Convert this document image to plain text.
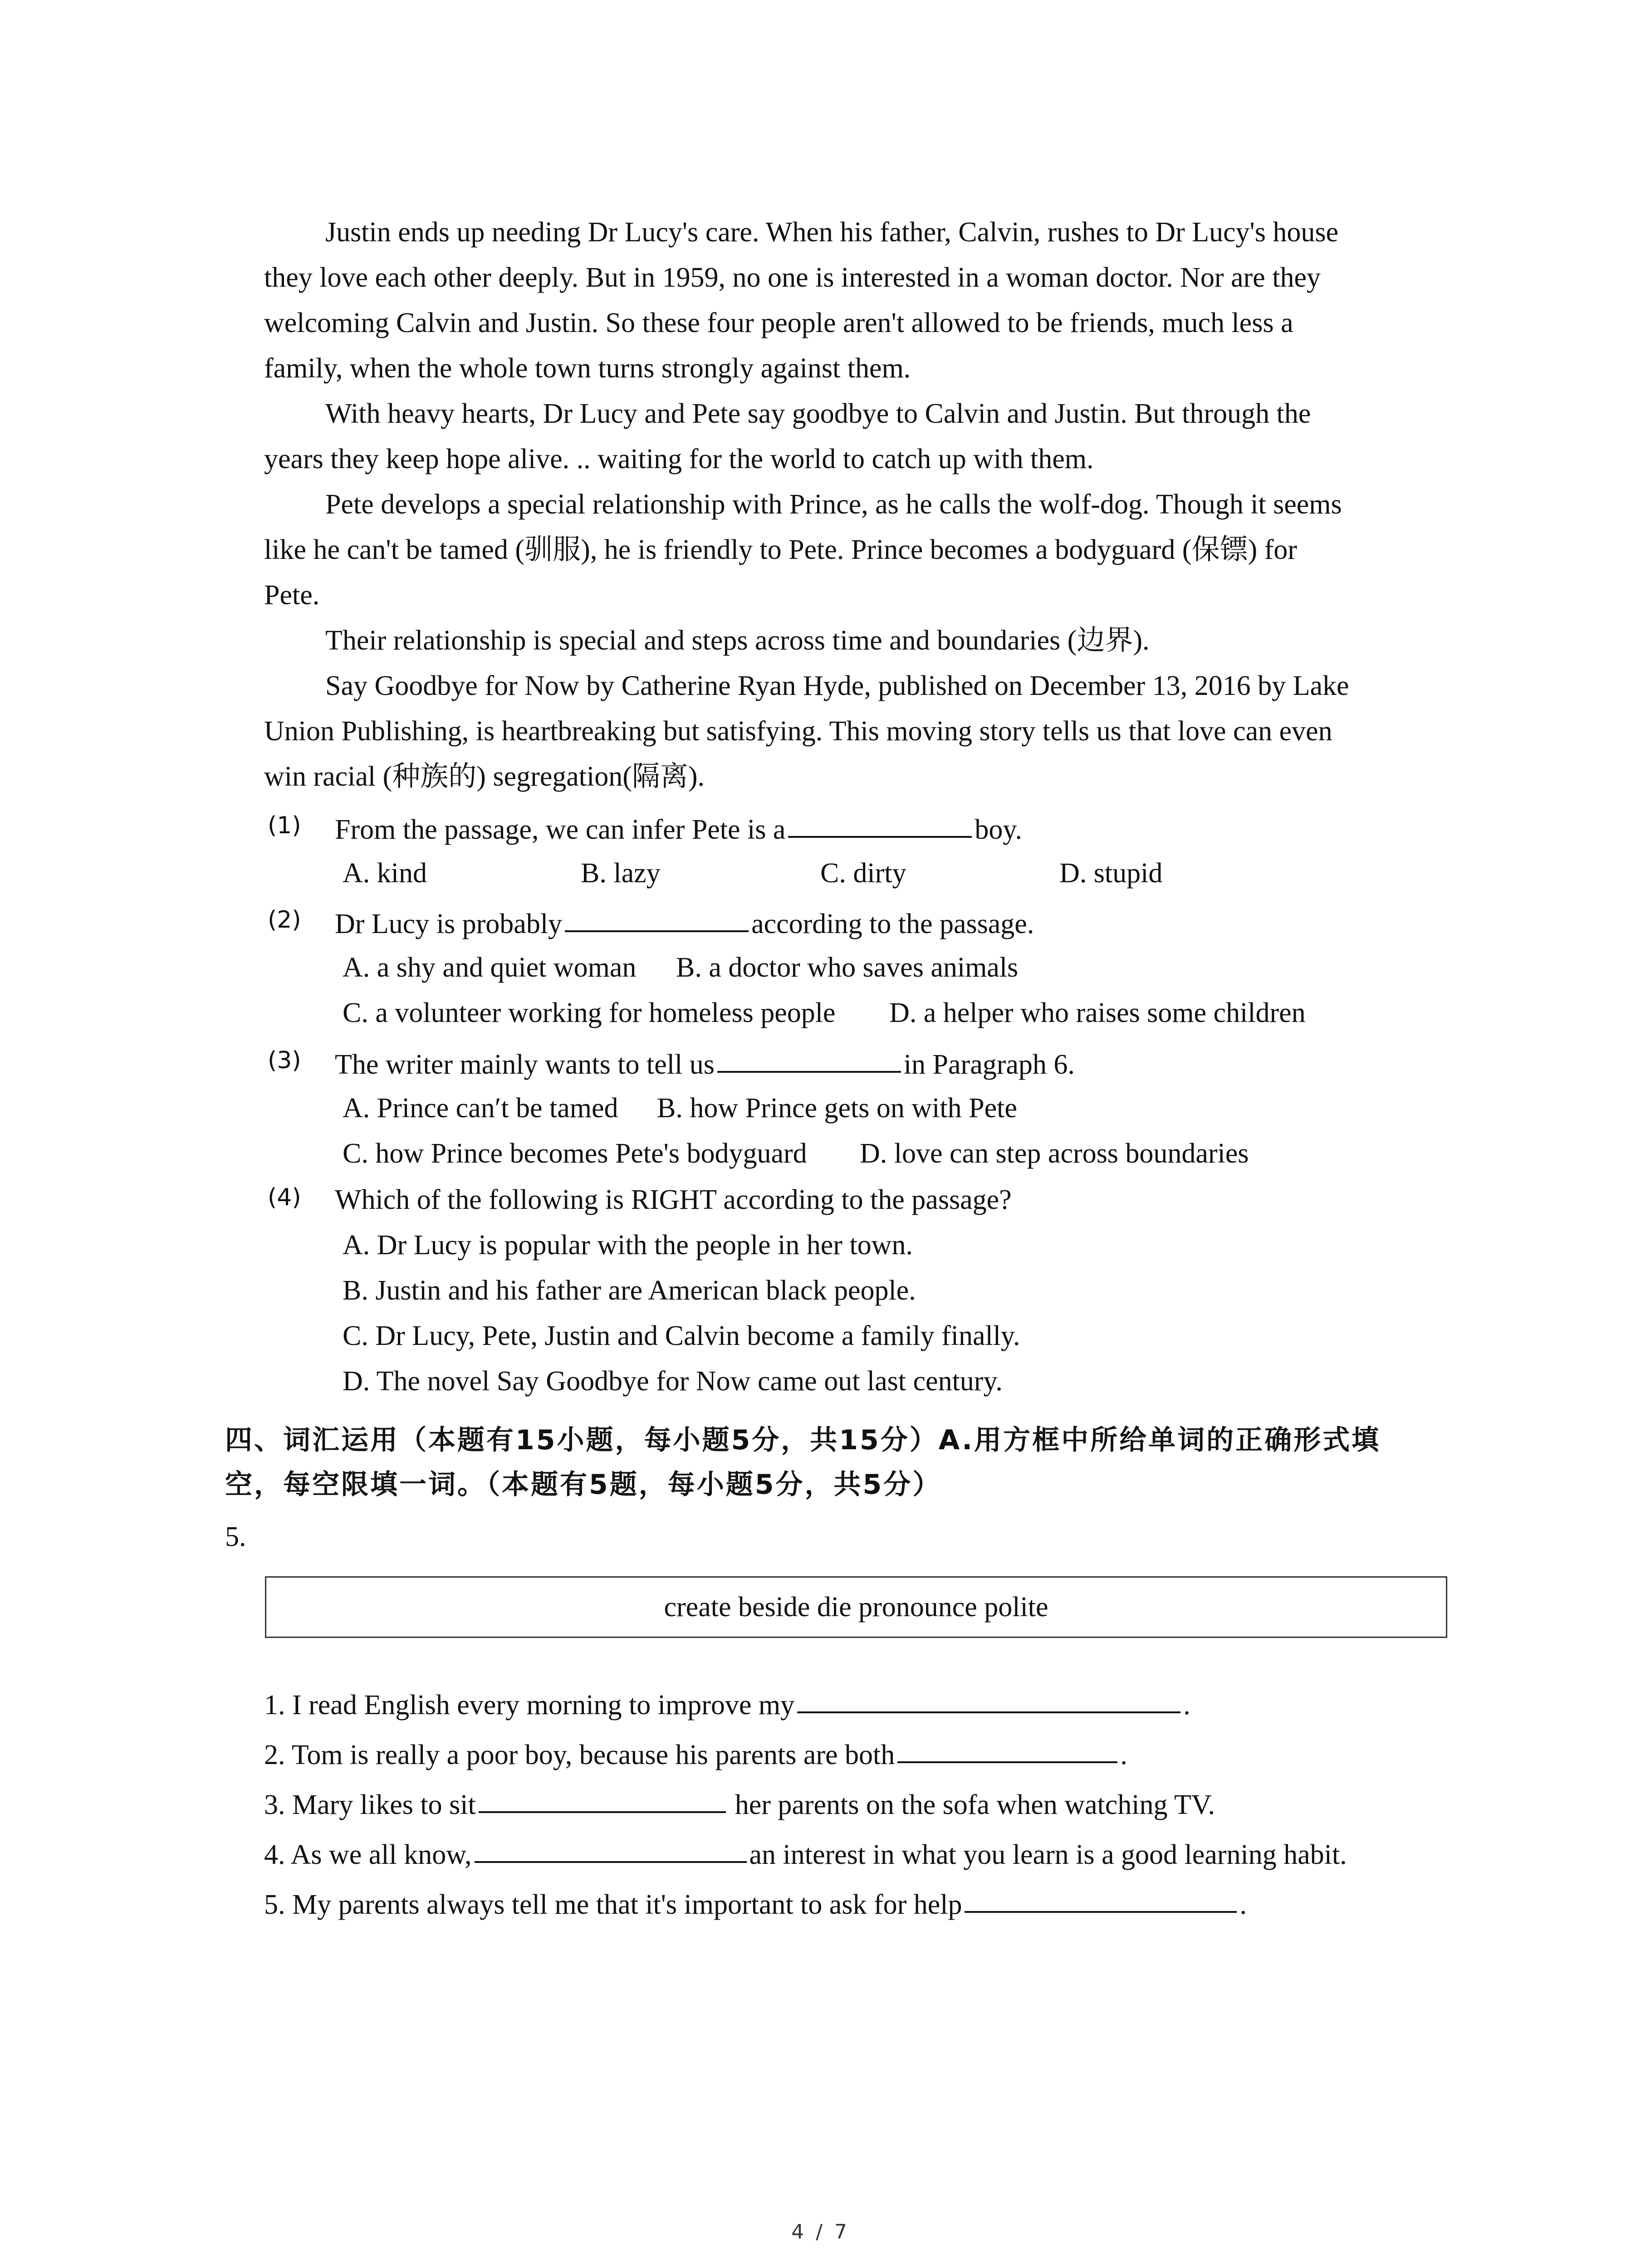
Justin ends up needing Dr Lucy's care. When his father, Calvin, rushes to Dr Lucy's house
they love each other deeply. But in 1959, no one is interested in a woman doctor. Nor are they
welcoming Calvin and Justin. So these four people aren't allowed to be friends, much less a
family, when the whole town turns strongly against them.
With heavy hearts, Dr Lucy and Pete say goodbye to Calvin and Justin. But through the
years they keep hope alive. .. waiting for the world to catch up with them.
Pete develops a special relationship with Prince, as he calls the wolf-dog. Though it seems
like he can't be tamed (驯服), he is friendly to Pete. Prince becomes a bodyguard (保镖) for
Pete.
Their relationship is special and steps across time and boundaries (边界).
Say Goodbye for Now by Catherine Ryan Hyde, published on December 13, 2016 by Lake
Union Publishing, is heartbreaking but satisfying. This moving story tells us that love can even
win racial (种族的) segregation(隔离).
(1) From the passage, we can infer Pete is a	boy.
A. kind	B. lazy	C. dirty	D. stupid
(2) Dr Lucy is probably	according to the passage.
A. a shy and quiet woman B. a doctor who saves animals
C. a volunteer working for homeless people D. a helper who raises some children
(3) The writer mainly wants to tell us	in Paragraph 6.
A. Prince can′t be tamed B. how Prince gets on with Pete
C. how Prince becomes Pete's bodyguard D. love can step across boundaries
(4) Which of the following is RIGHT according to the passage?
A. Dr Lucy is popular with the people in her town.
B. Justin and his father are American black people.
C. Dr Lucy, Pete, Justin and Calvin become a family finally.
D. The novel Say Goodbye for Now came out last century.
四、词汇运用（本题有15小题，每小题5分，共15分）A.用方框中所给单词的正确形式填
空，每空限填一词。（本题有5题，每小题5分，共5分）
5.
create beside die pronounce polite
1. I read English every morning to improve my	.
2. Tom is really a poor boy, because his parents are both	.
3. Mary likes to sit	her parents on the sofa when watching TV.
4. As we all know,	an interest in what you learn is a good learning habit.
5. My parents always tell me that it's important to ask for help	.
4 / 7
